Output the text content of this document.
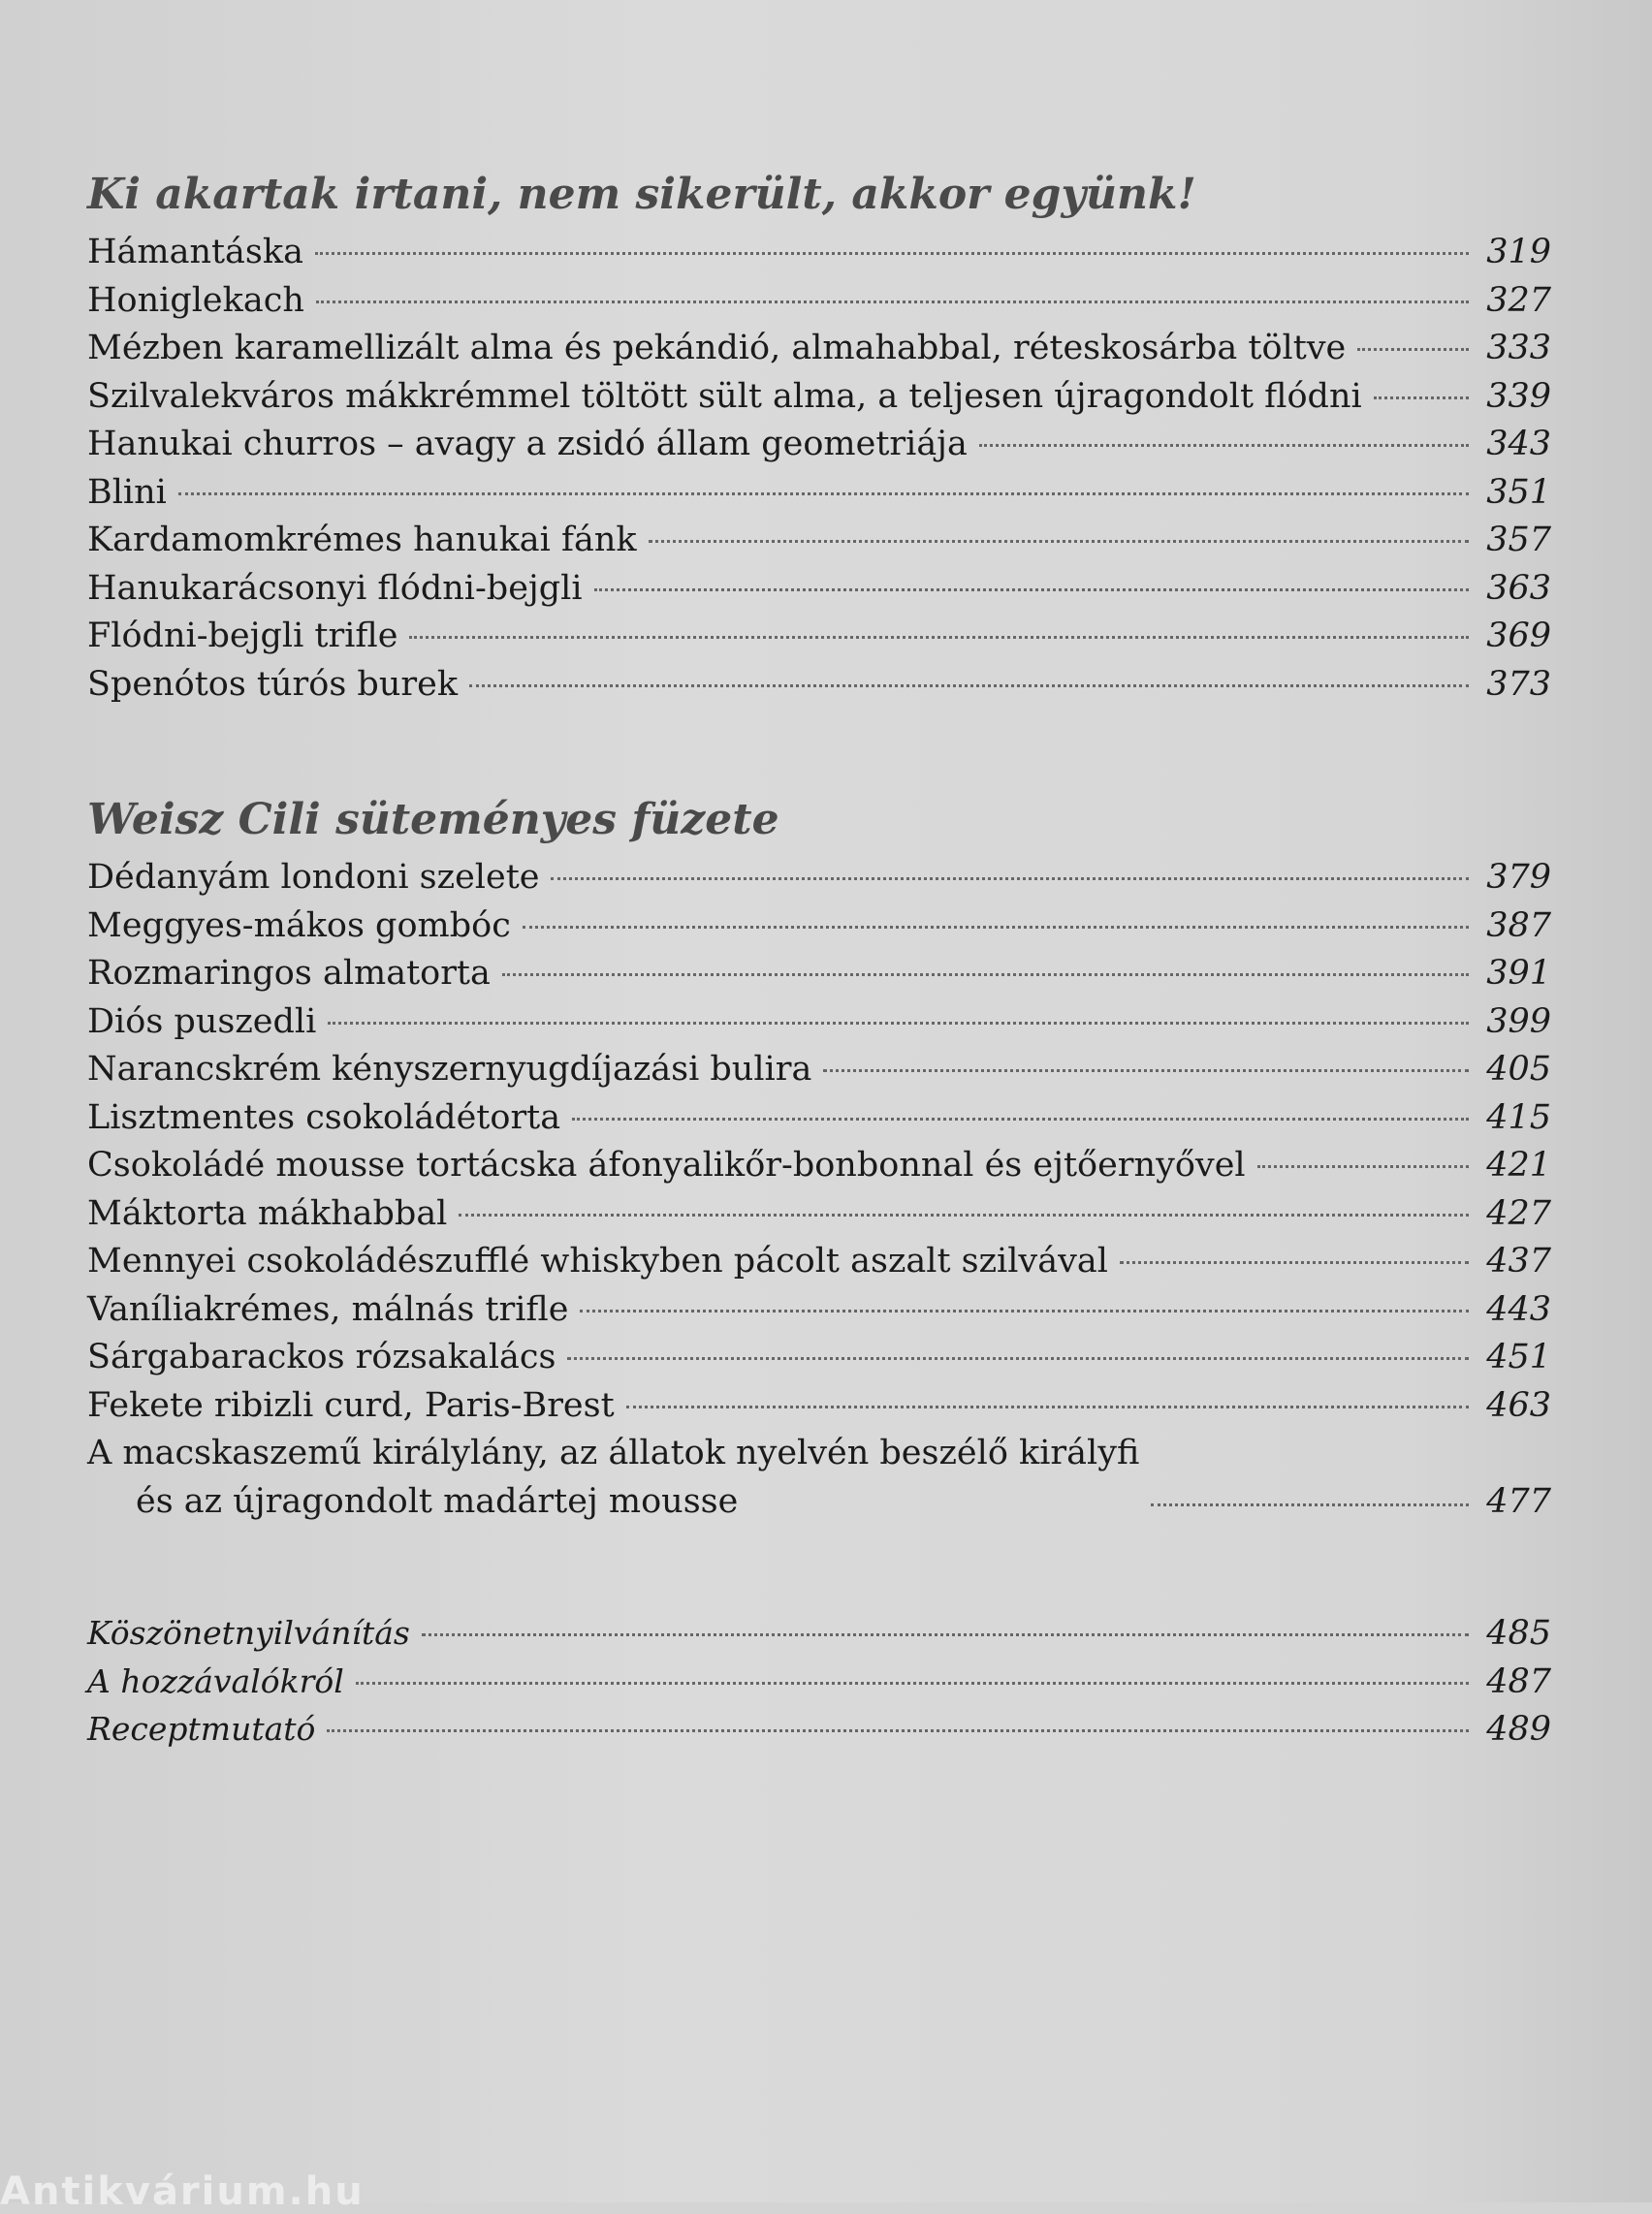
Ki akartak irtani, nem sikerült, akkor együnk!
Hámantáska	319
Honiglekach	327
Mézben karamellizált alma és pekándió, almahabbal, réteskosárba töltve	333
Szilvalekváros mákkrémmel töltött sült alma, a teljesen újragondolt flódni	339
Hanukai churros – avagy a zsidó állam geometriája	343
Blini	351
Kardamomkrémes hanukai fánk	357
Hanukarácsonyi flódni-bejgli	363
Flódni-bejgli trifle	369
Spenótos túrós burek	373
Weisz Cili süteményes füzete
Dédanyám londoni szelete	379
Meggyes-mákos gombóc	387
Rozmaringos almatorta	391
Diós puszedli	399
Narancskrém kényszernyugdíjazási bulira	405
Lisztmentes csokoládétorta	415
Csokoládé mousse tortácska áfonyalikőr-bonbonnal és ejtőernyővel	421
Máktorta mákhabbal	427
Mennyei csokoládészufflé whiskyben pácolt aszalt szilvával	437
Vaníliakrémes, málnás trifle	443
Sárgabarackos rózsakalács	451
Fekete ribizli curd, Paris-Brest	463
A macskaszemű királylány, az állatok nyelvén beszélő királyfi
és az újragondolt madártej mousse	477
Köszönetnyilvánítás	485
A hozzávalókról	487
Receptmutató	489
Antikvárium.hu
